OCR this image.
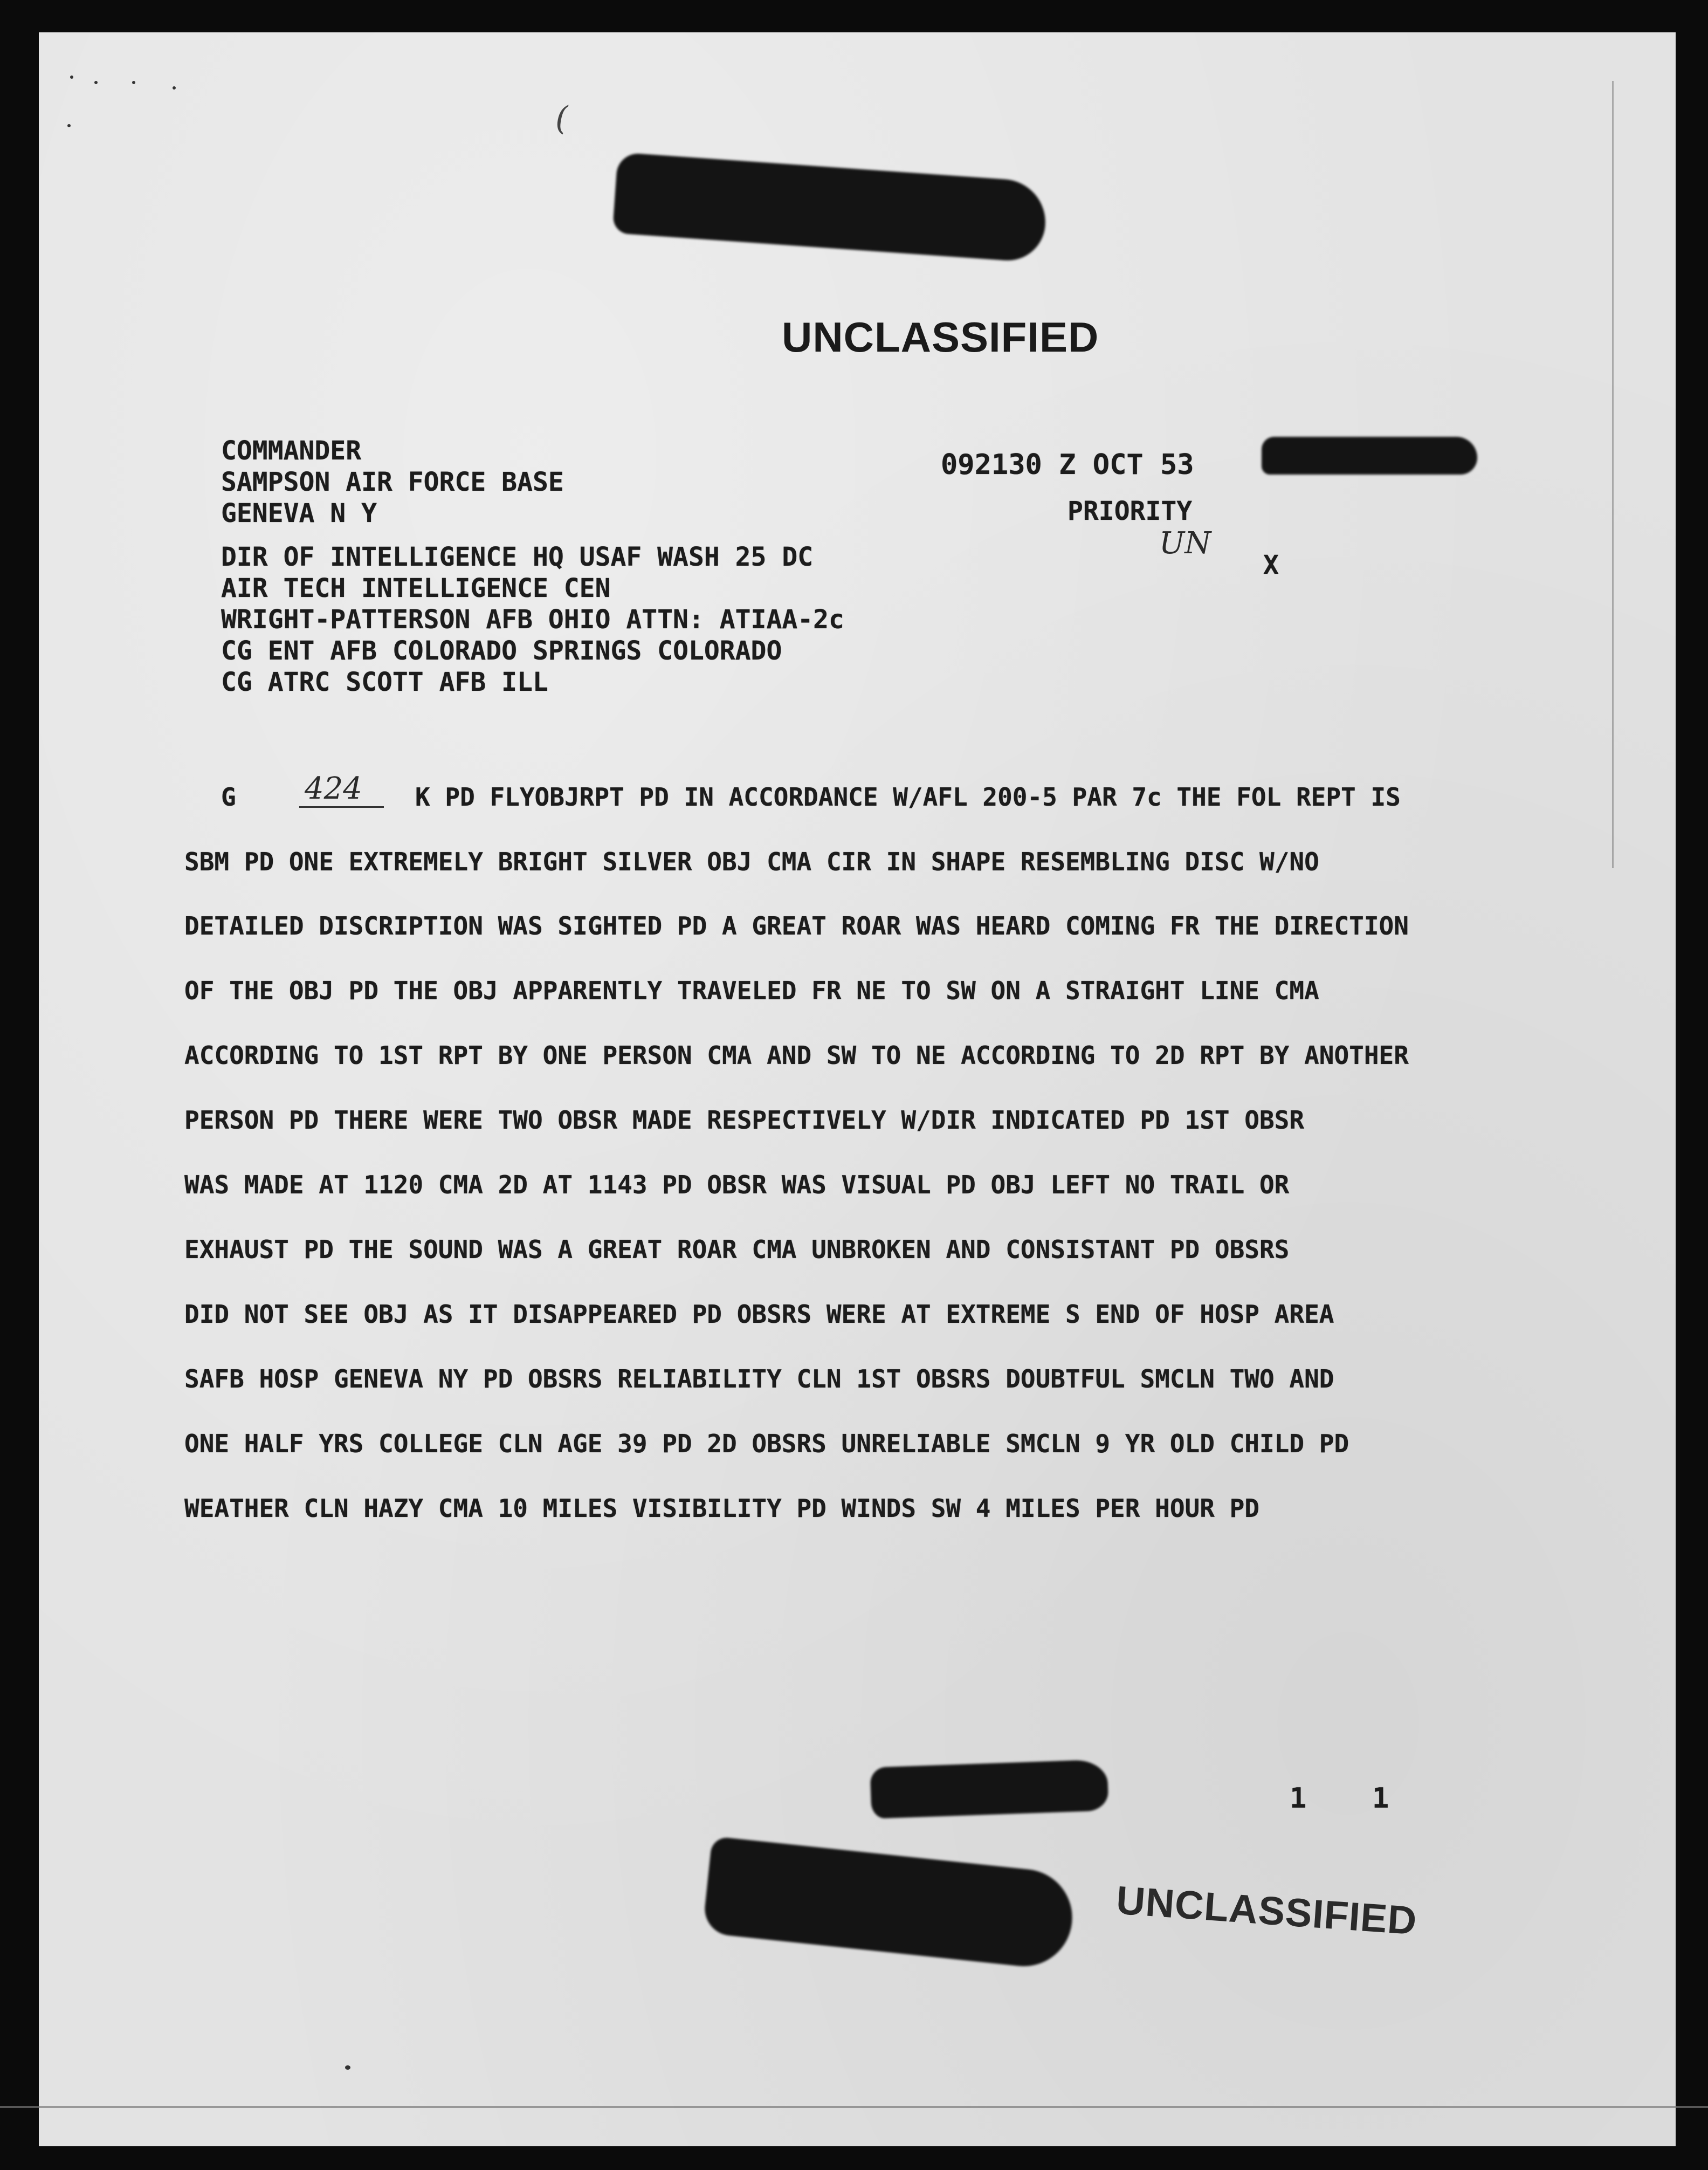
(
UNCLASSIFIED
UNCLASSIFIED
COMMANDER
SAMPSON AIR FORCE BASE
GENEVA N Y
DIR OF INTELLIGENCE HQ USAF WASH 25 DC
AIR TECH INTELLIGENCE CEN
WRIGHT-PATTERSON AFB OHIO ATTN: ATIAA-2c
CG ENT AFB COLORADO SPRINGS COLORADO
CG ATRC SCOTT AFB ILL
092130 Z OCT 53
PRIORITY
UN
X
G 424	K PD FLYOBJRPT PD IN ACCORDANCE W/AFL 200-5 PAR 7c THE FOL REPT IS
SBM PD ONE EXTREMELY BRIGHT SILVER OBJ CMA CIR IN SHAPE RESEMBLING DISC W/NO
DETAILED DISCRIPTION WAS SIGHTED PD A GREAT ROAR WAS HEARD COMING FR THE DIRECTION
OF THE OBJ PD THE OBJ APPARENTLY TRAVELED FR NE TO SW ON A STRAIGHT LINE CMA
ACCORDING TO 1ST RPT BY ONE PERSON CMA AND SW TO NE ACCORDING TO 2D RPT BY ANOTHER
PERSON PD THERE WERE TWO OBSR MADE RESPECTIVELY W/DIR INDICATED PD 1ST OBSR
WAS MADE AT 1120 CMA 2D AT 1143 PD OBSR WAS VISUAL PD OBJ LEFT NO TRAIL OR
EXHAUST PD THE SOUND WAS A GREAT ROAR CMA UNBROKEN AND CONSISTANT PD OBSRS
DID NOT SEE OBJ AS IT DISAPPEARED PD OBSRS WERE AT EXTREME S END OF HOSP AREA
SAFB HOSP GENEVA NY PD OBSRS RELIABILITY CLN 1ST OBSRS DOUBTFUL SMCLN TWO AND
ONE HALF YRS COLLEGE CLN AGE 39 PD 2D OBSRS UNRELIABLE SMCLN 9 YR OLD CHILD PD
WEATHER CLN HAZY CMA 10 MILES VISIBILITY PD WINDS SW 4 MILES PER HOUR PD
1 1
